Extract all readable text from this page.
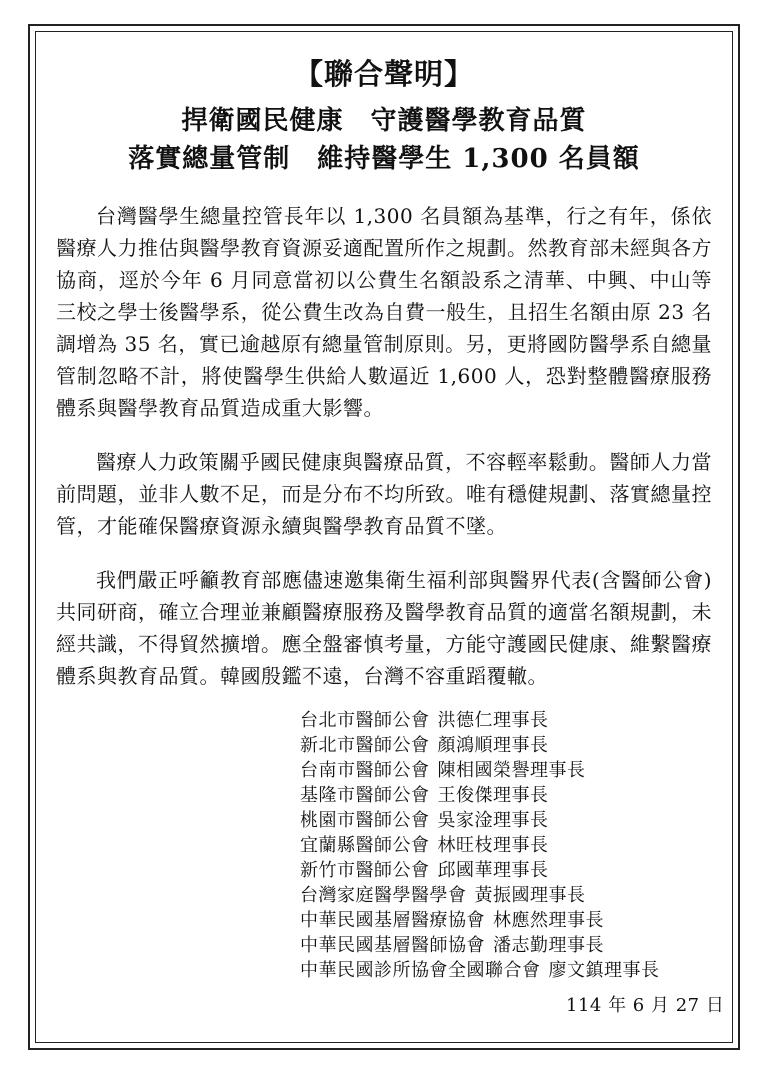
【聯合聲明】
捍衛國民健康　守護醫學教育品質
落實總量管制　維持醫學生 1,300 名員額

台灣醫學生總量控管長年以 1,300 名員額為基準，行之有年，係依醫療人力推估與醫學教育資源妥適配置所作之規劃。然教育部未經與各方協商，逕於今年 6 月同意當初以公費生名額設系之清華、中興、中山等三校之學士後醫學系，從公費生改為自費一般生，且招生名額由原 23 名調增為 35 名，實已逾越原有總量管制原則。另，更將國防醫學系自總量管制忽略不計，將使醫學生供給人數逼近 1,600 人，恐對整體醫療服務體系與醫學教育品質造成重大影響。

醫療人力政策關乎國民健康與醫療品質，不容輕率鬆動。醫師人力當前問題，並非人數不足，而是分布不均所致。唯有穩健規劃、落實總量控管，才能確保醫療資源永續與醫學教育品質不墜。

我們嚴正呼籲教育部應儘速邀集衛生福利部與醫界代表(含醫師公會)共同研商，確立合理並兼顧醫療服務及醫學教育品質的適當名額規劃，未經共識，不得貿然擴增。應全盤審慎考量，方能守護國民健康、維繫醫療體系與教育品質。韓國殷鑑不遠，台灣不容重蹈覆轍。

台北市醫師公會 洪德仁理事長
新北市醫師公會 顏鴻順理事長
台南市醫師公會 陳相國榮譽理事長
基隆市醫師公會 王俊傑理事長
桃園市醫師公會 吳家淦理事長
宜蘭縣醫師公會 林旺枝理事長
新竹市醫師公會 邱國華理事長
台灣家庭醫學醫學會 黃振國理事長
中華民國基層醫療協會 林應然理事長
中華民國基層醫師協會 潘志勤理事長
中華民國診所協會全國聯合會 廖文鎮理事長
114 年 6 月 27 日
